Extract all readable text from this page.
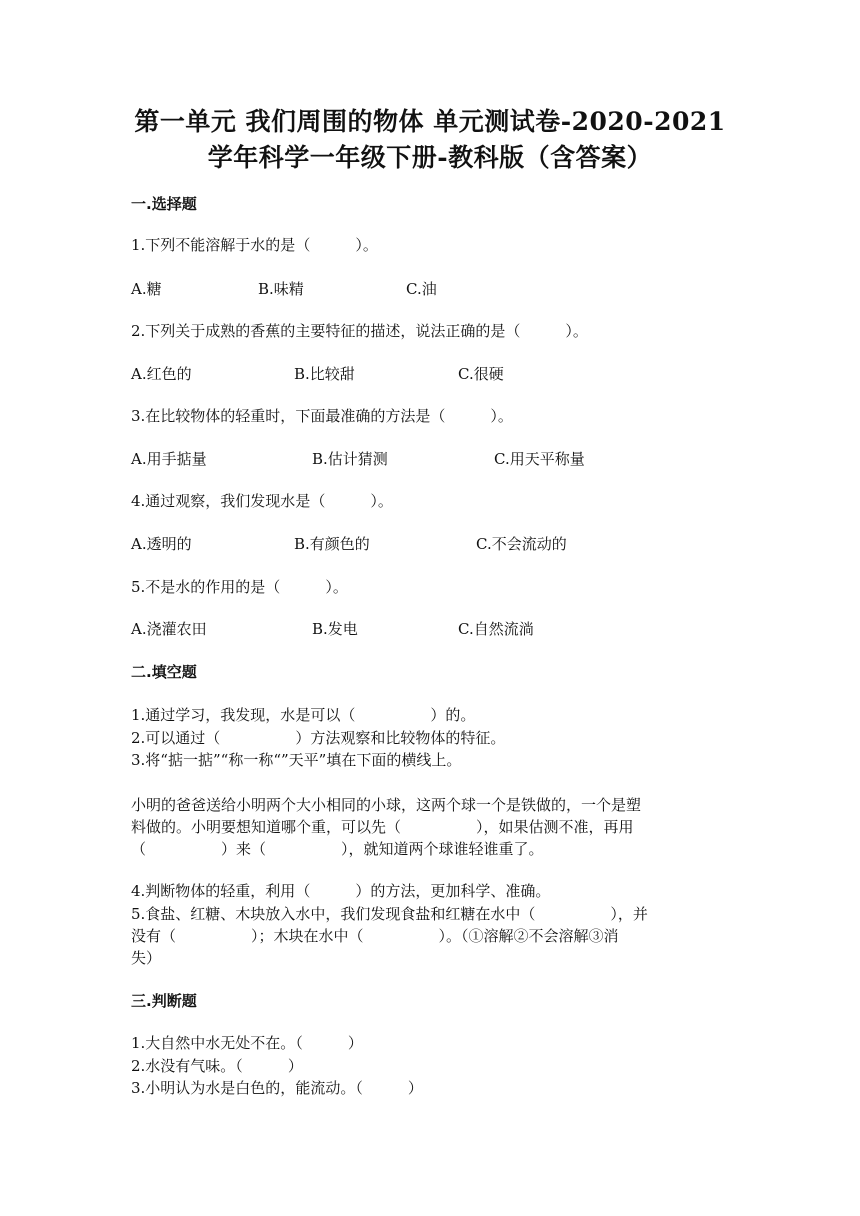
第一单元 我们周围的物体 单元测试卷-2020-2021
学年科学一年级下册-教科版（含答案）
一.选择题
1.下列不能溶解于水的是（　　　）。
A.糖	B.味精	C.油
2.下列关于成熟的香蕉的主要特征的描述，说法正确的是（　　　）。
A.红色的	B.比较甜	C.很硬
3.在比较物体的轻重时，下面最准确的方法是（　　　）。
A.用手掂量	B.估计猜测	C.用天平称量
4.通过观察，我们发现水是（　　　）。
A.透明的	B.有颜色的	C.不会流动的
5.不是水的作用的是（　　　）。
A.浇灌农田	B.发电	C.自然流淌
二.填空题
1.通过学习，我发现，水是可以（　　　　　）的。
2.可以通过（　　　　　）方法观察和比较物体的特征。
3.将“掂一掂”“称一称“”天平”填在下面的横线上。
小明的爸爸送给小明两个大小相同的小球，这两个球一个是铁做的，一个是塑
料做的。小明要想知道哪个重，可以先（　　　　　），如果估测不准，再用
（　　　　　）来（　　　　　），就知道两个球谁轻谁重了。
4.判断物体的轻重，利用（　　　）的方法，更加科学、准确。
5.食盐、红糖、木块放入水中，我们发现食盐和红糖在水中（　　　　　），并
没有（　　　　　）；木块在水中（　　　　　）。（①溶解②不会溶解③消
失）
三.判断题
1.大自然中水无处不在。（　　　）
2.水没有气味。（　　　）
3.小明认为水是白色的，能流动。（　　　）
